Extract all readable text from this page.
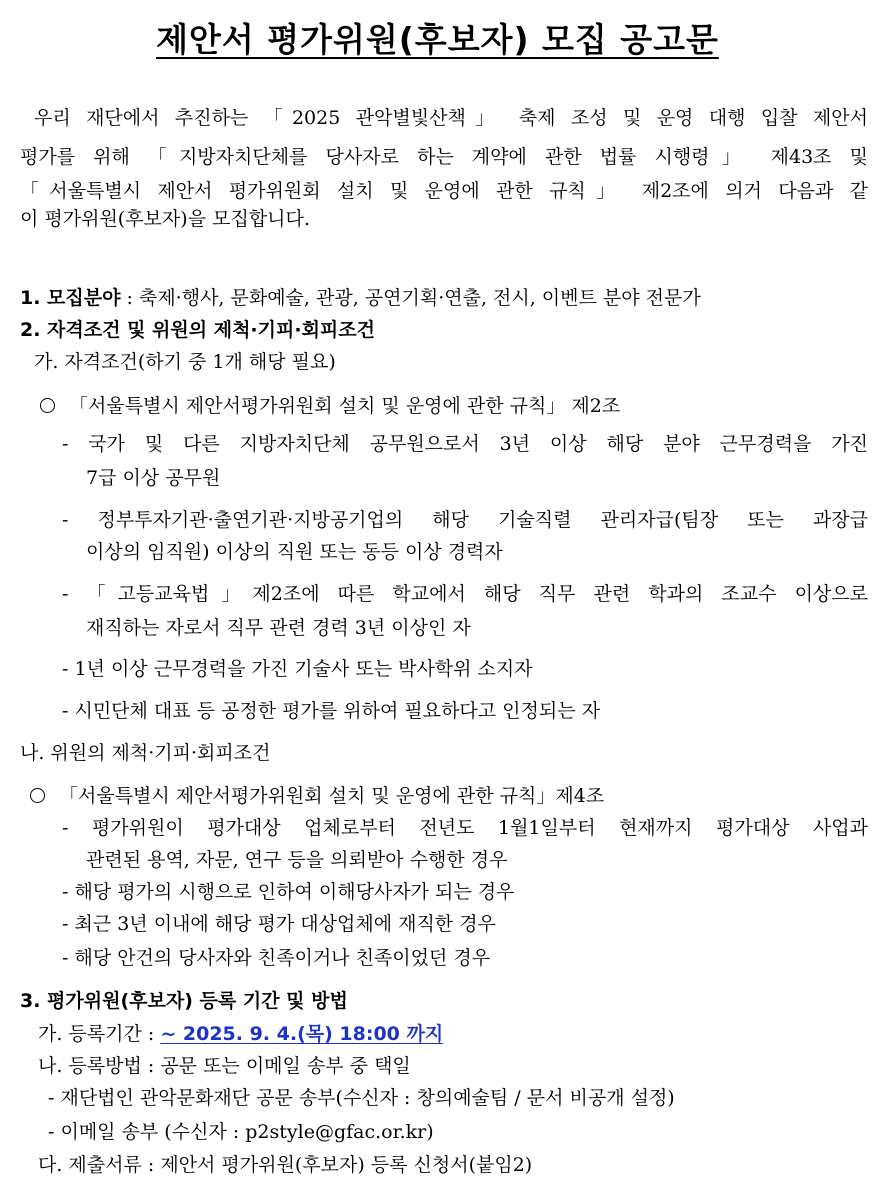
제안서 평가위원(후보자) 모집 공고문
우리 재단에서 추진하는 「2025 관악별빛산책」 축제 조성 및 운영 대행 입찰 제안서
평가를 위해 「지방자치단체를 당사자로 하는 계약에 관한 법률 시행령」 제43조 및
「서울특별시 제안서 평가위원회 설치 및 운영에 관한 규칙」 제2조에 의거 다음과 같
이 평가위원(후보자)을 모집합니다.
1. 모집분야 : 축제·행사, 문화예술, 관광, 공연기획·연출, 전시, 이벤트 분야 전문가
2. 자격조건 및 위원의 제척·기피·회피조건
가. 자격조건(하기 중 1개 해당 필요)
「서울특별시 제안서평가위원회 설치 및 운영에 관한 규칙」 제2조
- 국가 및 다른 지방자치단체 공무원으로서 3년 이상 해당 분야 근무경력을 가진
7급 이상 공무원
- 정부투자기관·출연기관·지방공기업의 해당 기술직렬 관리자급(팀장 또는 과장급
이상의 임직원) 이상의 직원 또는 동등 이상 경력자
- 「고등교육법」제2조에 따른 학교에서 해당 직무 관련 학과의 조교수 이상으로
재직하는 자로서 직무 관련 경력 3년 이상인 자
- 1년 이상 근무경력을 가진 기술사 또는 박사학위 소지자
- 시민단체 대표 등 공정한 평가를 위하여 필요하다고 인정되는 자
나. 위원의 제척·기피·회피조건
「서울특별시 제안서평가위원회 설치 및 운영에 관한 규칙」제4조
- 평가위원이 평가대상 업체로부터 전년도 1월1일부터 현재까지 평가대상 사업과
관련된 용역, 자문, 연구 등을 의뢰받아 수행한 경우
- 해당 평가의 시행으로 인하여 이해당사자가 되는 경우
- 최근 3년 이내에 해당 평가 대상업체에 재직한 경우
- 해당 안건의 당사자와 친족이거나 친족이었던 경우
3. 평가위원(후보자) 등록 기간 및 방법
가. 등록기간 : ~ 2025. 9. 4.(목) 18:00 까지
나. 등록방법 : 공문 또는 이메일 송부 중 택일
- 재단법인 관악문화재단 공문 송부(수신자 : 창의예술팀 / 문서 비공개 설정)
- 이메일 송부 (수신자 : p2style@gfac.or.kr)
다. 제출서류 : 제안서 평가위원(후보자) 등록 신청서(붙임2)
